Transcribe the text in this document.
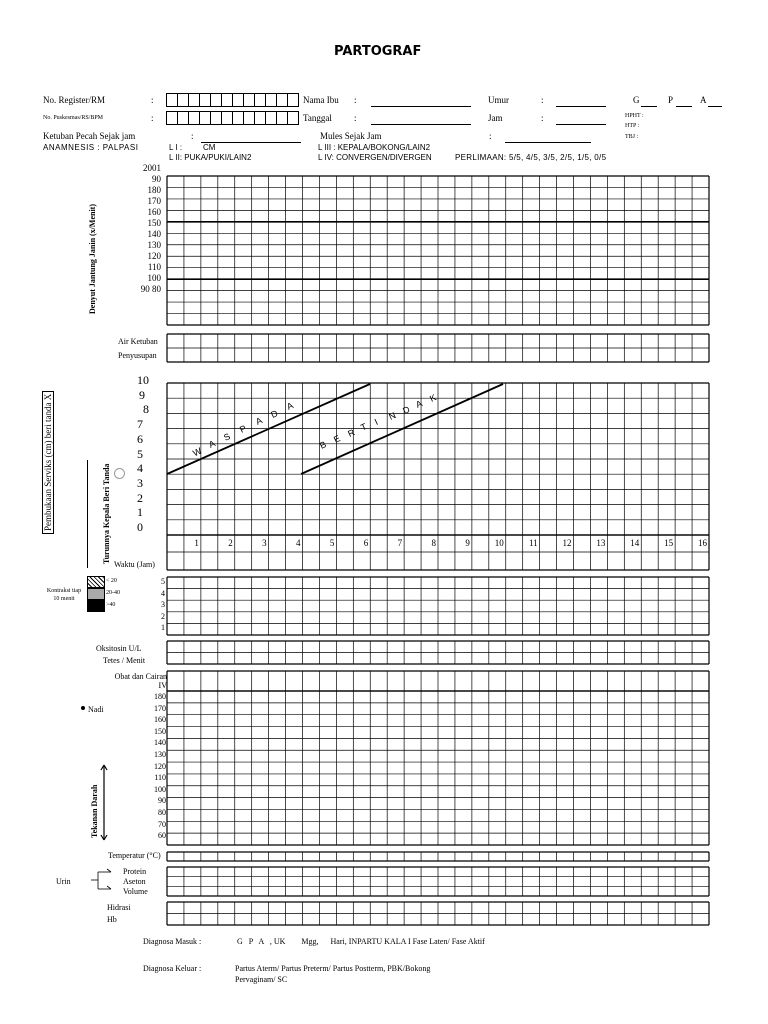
PARTOGRAF
No. Register/RM	:	Nama Ibu :	Umur	:	G	P	A
No. Puskesmas/RS/BPM	:	Tanggal :	Jam	:	HPHT :
HTP :
TBJ :
Ketuban Pecah Sejak jam	:	Mules Sejak Jam	:
ANAMNESIS : PALPASI	L I :	CM	L III : KEPALA/BOKONG/LAIN2
L II: PUKA/PUKI/LAIN2	L IV: CONVERGEN/DIVERGEN	PERLIMAAN: 5/5, 4/5, 3/5, 2/5, 1/5, 0/5
2001
90
180
170
160
150
140
130
120
110
100
90 80
Denyut Jantung Janin (x/Menit)
Air Ketuban
Penyusupan
10
9
8
7
6
5
4
3
2
1
0
Pembukaan Serviks (cm) beri tanda X	Turunnya Kepala Beri Tanda
W
A
S
P
A
D
A
B
E R T
I N D A
K
1	2	3	4	5	6	7	8	9	10	11	12	13	14	15	16
Waktu (Jam)
< 20
20-40
>40
Kontraksi tiap 10 menit
5
4
3
2
1
Oksitosin U/L
Tetes / Menit
Obat dan Cairan IV
Nadi
180
170
160
150
140
130
120
110
100
90
80
70
60
Tekanan Darah
Temperatur (°C)
Urin
Protein
Aseton
Volume
Hidrasi
Hb
Diagnosa Masuk :	G   P   A   , UK        Mgg,      Hari, INPARTU KALA I Fase Laten/ Fase Aktif
Diagnosa Keluar :	Partus Aterm/ Partus Preterm/ Partus Postterm, PBK/Bokong
Pervaginam/ SC
